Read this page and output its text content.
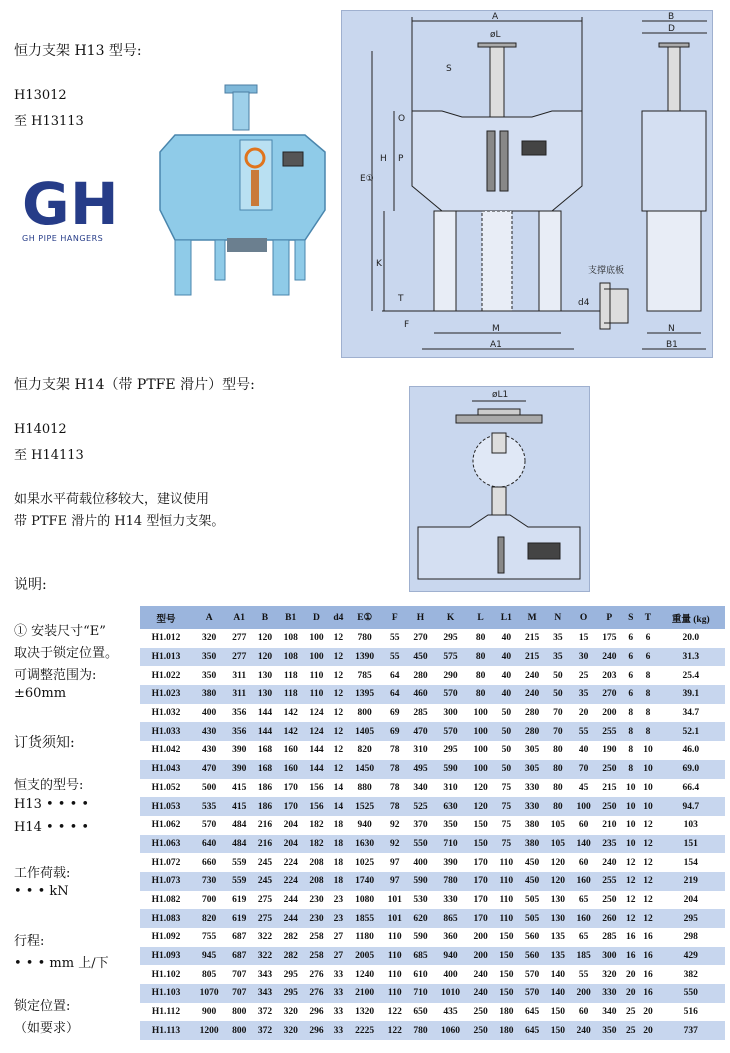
恒力支架 H13 型号:
H13012
至 H13113
G H
GH PIPE HANGERS
A
øL
S
O
P
H
E①
K
T
F	M
A1
B
D
N
B1
d4
支撑底板
恒力支架 H14（带 PTFE 滑片）型号:
H14012
至 H14113
如果水平荷载位移较大，建议使用
带 PTFE 滑片的 H14 型恒力支架。
øL1
说明:
① 安装尺寸“E”
取决于锁定位置。
可调整范围为:
±60mm
订货须知:
恒支的型号:
H13 • • • •
H14 • • • •
工作荷载:
• • • kN
行程:
• • • mm 上/下
锁定位置:
（如要求）
型号	A	A1	B	B1	D	d4	E①	F	H	K	L	L1	M	N	O	P	S	T	重量 (kg)
H1.012	320	277	120	108	100	12	780	55	270	295	80	40	215	35	15	175	6	6	20.0
H1.013	350	277	120	108	100	12	1390	55	450	575	80	40	215	35	30	240	6	6	31.3
H1.022	350	311	130	118	110	12	785	64	280	290	80	40	240	50	25	203	6	8	25.4
H1.023	380	311	130	118	110	12	1395	64	460	570	80	40	240	50	35	270	6	8	39.1
H1.032	400	356	144	142	124	12	800	69	285	300	100	50	280	70	20	200	8	8	34.7
H1.033	430	356	144	142	124	12	1405	69	470	570	100	50	280	70	55	255	8	8	52.1
H1.042	430	390	168	160	144	12	820	78	310	295	100	50	305	80	40	190	8	10	46.0
H1.043	470	390	168	160	144	12	1450	78	495	590	100	50	305	80	70	250	8	10	69.0
H1.052	500	415	186	170	156	14	880	78	340	310	120	75	330	80	45	215	10	10	66.4
H1.053	535	415	186	170	156	14	1525	78	525	630	120	75	330	80	100	250	10	10	94.7
H1.062	570	484	216	204	182	18	940	92	370	350	150	75	380	105	60	210	10	12	103
H1.063	640	484	216	204	182	18	1630	92	550	710	150	75	380	105	140	235	10	12	151
H1.072	660	559	245	224	208	18	1025	97	400	390	170	110	450	120	60	240	12	12	154
H1.073	730	559	245	224	208	18	1740	97	590	780	170	110	450	120	160	255	12	12	219
H1.082	700	619	275	244	230	23	1080	101	530	330	170	110	505	130	65	250	12	12	204
H1.083	820	619	275	244	230	23	1855	101	620	865	170	110	505	130	160	260	12	12	295
H1.092	755	687	322	282	258	27	1180	110	590	360	200	150	560	135	65	285	16	16	298
H1.093	945	687	322	282	258	27	2005	110	685	940	200	150	560	135	185	300	16	16	429
H1.102	805	707	343	295	276	33	1240	110	610	400	240	150	570	140	55	320	20	16	382
H1.103	1070	707	343	295	276	33	2100	110	710	1010	240	150	570	140	200	330	20	16	550
H1.112	900	800	372	320	296	33	1320	122	650	435	250	180	645	150	60	340	25	20	516
H1.113	1200	800	372	320	296	33	2225	122	780	1060	250	180	645	150	240	350	25	20	737
